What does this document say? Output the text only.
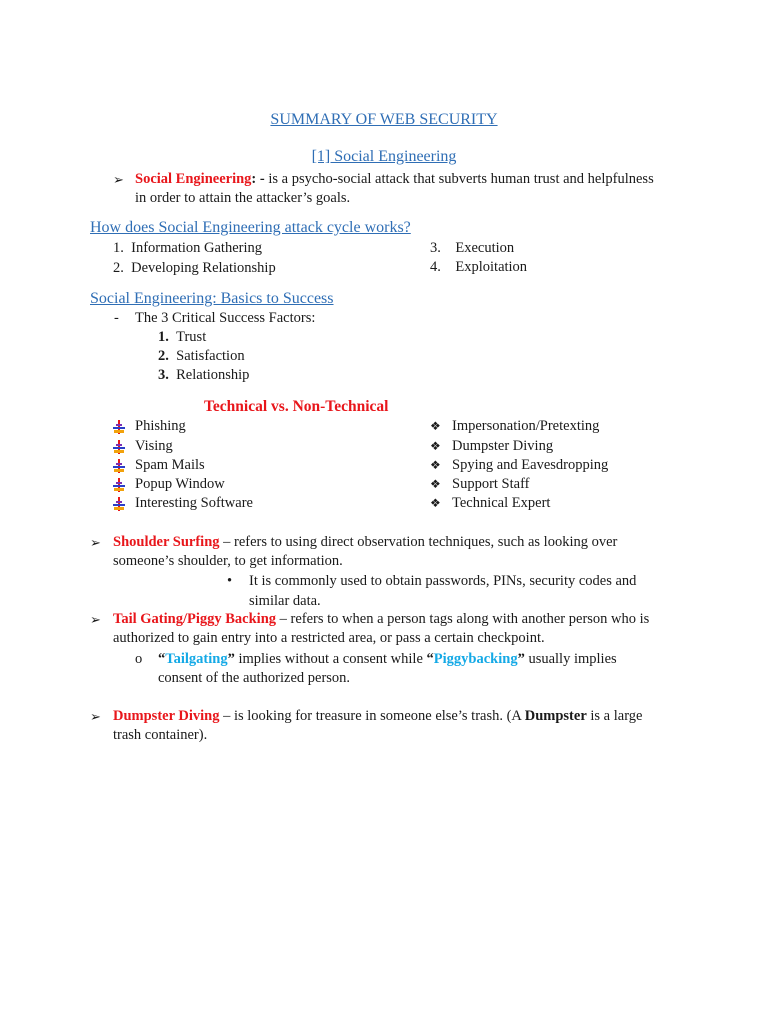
SUMMARY OF WEB SECURITY
[1] Social Engineering
➢ Social Engineering: - is a psycho-social attack that subverts human trust and helpfulness
in order to attain the attacker’s goals.
How does Social Engineering attack cycle works?
1. Information Gathering
2. Developing Relationship
3. Execution
4. Exploitation
Social Engineering: Basics to Success
- The 3 Critical Success Factors:
1. Trust
2. Satisfaction
3. Relationship
Technical vs. Non-Technical
Phishing
Vising
Spam Mails
Popup Window
Interesting Software
❖ Impersonation/Pretexting
❖ Dumpster Diving
❖ Spying and Eavesdropping
❖ Support Staff
❖ Technical Expert
➢ Shoulder Surfing – refers to using direct observation techniques, such as looking over
someone’s shoulder, to get information.
• It is commonly used to obtain passwords, PINs, security codes and
similar data.
➢ Tail Gating/Piggy Backing – refers to when a person tags along with another person who is
authorized to gain entry into a restricted area, or pass a certain checkpoint.
o “Tailgating” implies without a consent while “Piggybacking” usually implies
consent of the authorized person.
➢ Dumpster Diving – is looking for treasure in someone else’s trash. (A Dumpster is a large
trash container).
